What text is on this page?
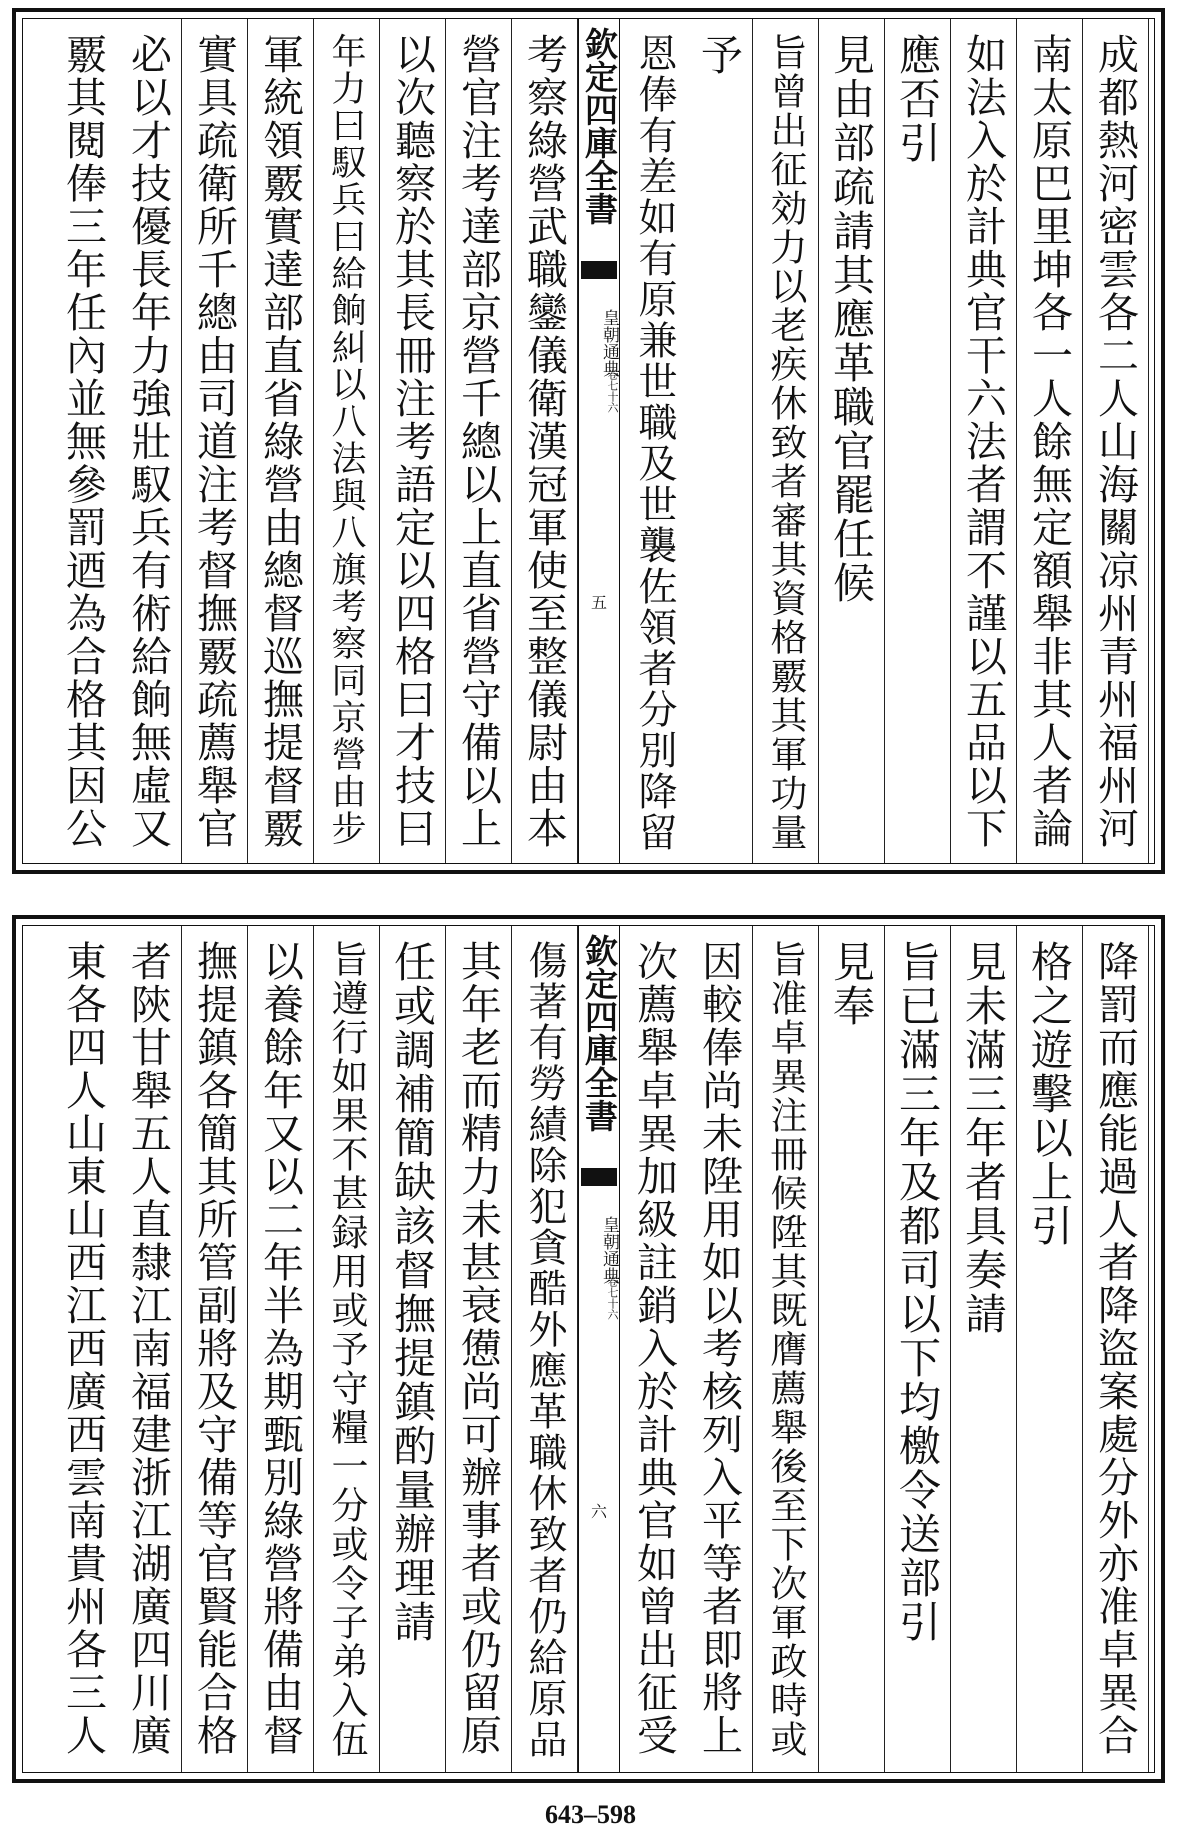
欽定四庫全書
皇朝通典
卷七十六
五	成都熱河密雲各二人山海關凉州青州福州河
南太原巴里坤各一人餘無定額舉非其人者論
如法入於計典官干六法者謂不謹以五品以下
應否引
見由部疏請其應革職官罷任候
旨曾出征効力以老疾休致者審其資格覈其軍功量
予
恩俸有差如有原兼世職及世襲佐領者分別降留
考察綠營武職鑾儀衛漢冠軍使至整儀尉由本
營官注考達部京營千總以上直省營守備以上
以次聽察於其長冊注考語定以四格曰才技曰
年力曰馭兵曰給餉糾以八法與八旗考察同京營由步
軍統領覈實達部直省綠營由總督巡撫提督覈
實具疏衛所千總由司道注考督撫覈疏薦舉官
必以才技優長年力強壯馭兵有術給餉無虛又
覈其閱俸三年任內並無參罰迺為合格其因公
欽定四庫全書
皇朝通典
卷七十六
六	降罰而應能過人者降盜案處分外亦准卓異合
格之遊擊以上引
見未滿三年者具奏請
旨已滿三年及都司以下均檄令送部引
見奉
旨准卓異注冊候陞其既膺薦舉後至下次軍政時或
因較俸尚未陞用如以考核列入平等者即將上
次薦舉卓異加級註銷入於計典官如曾出征受
傷著有勞績除犯貪酷外應革職休致者仍給原品
其年老而精力未甚衰憊尚可辦事者或仍留原
任或調補簡缺該督撫提鎮酌量辦理請
旨遵行如果不甚録用或予守糧一分或令子弟入伍
以養餘年又以二年半為期甄別綠營將備由督
撫提鎮各簡其所管副將及守備等官賢能合格
者陝甘舉五人直隸江南福建浙江湖廣四川廣
東各四人山東山西江西廣西雲南貴州各三人
643–598
